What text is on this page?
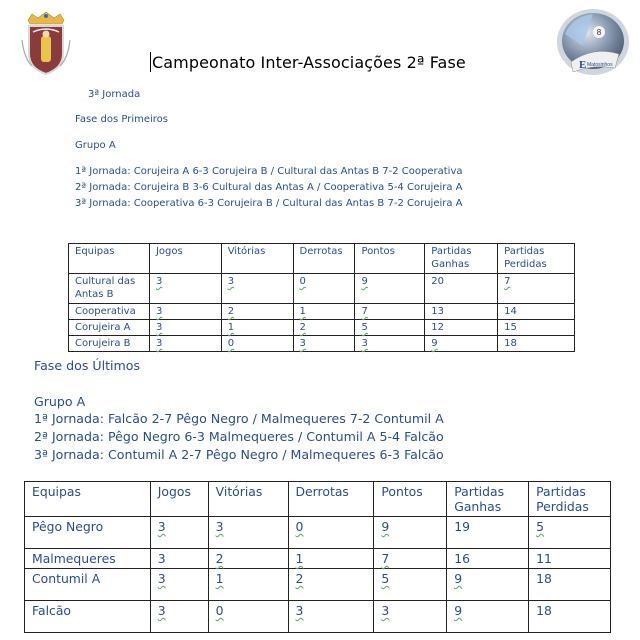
8
E Matosinhos
Campeonato Inter-Associações 2ª Fase
3ª Jornada
Fase dos Primeiros
Grupo A
1ª Jornada: Corujeira A 6-3 Corujeira B / Cultural das Antas B 7-2 Cooperativa
2ª Jornada: Corujeira B 3-6 Cultural das Antas A / Cooperativa 5-4 Corujeira A
3ª Jornada: Cooperativa 6-3 Corujeira B / Cultural das Antas B 7-2 Corujeira A
Equipas	Jogos	Vitórias	Derrotas	Pontos	Partidas Ganhas	Partidas Perdidas
Cultural das Antas B	3	3	0	9	20	7
Cooperativa	3	2	1	7	13	14
Corujeira A	3	1	2	5	12	15
Corujeira B	3	0	3	3	9	18
Fase dos Últimos
Grupo A
1ª Jornada: Falcão 2-7 Pêgo Negro / Malmequeres 7-2 Contumil A
2ª Jornada: Pêgo Negro 6-3 Malmequeres / Contumil A 5-4 Falcão
3ª Jornada: Contumil A 2-7 Pêgo Negro / Malmequeres 6-3 Falcão
Equipas	Jogos	Vitórias	Derrotas	Pontos	Partidas Ganhas	Partidas Perdidas
Pêgo Negro	3	3	0	9	19	5
Malmequeres	3	2	1	7	16	11
Contumil A	3	1	2	5	9	18
Falcão	3	0	3	3	9	18
